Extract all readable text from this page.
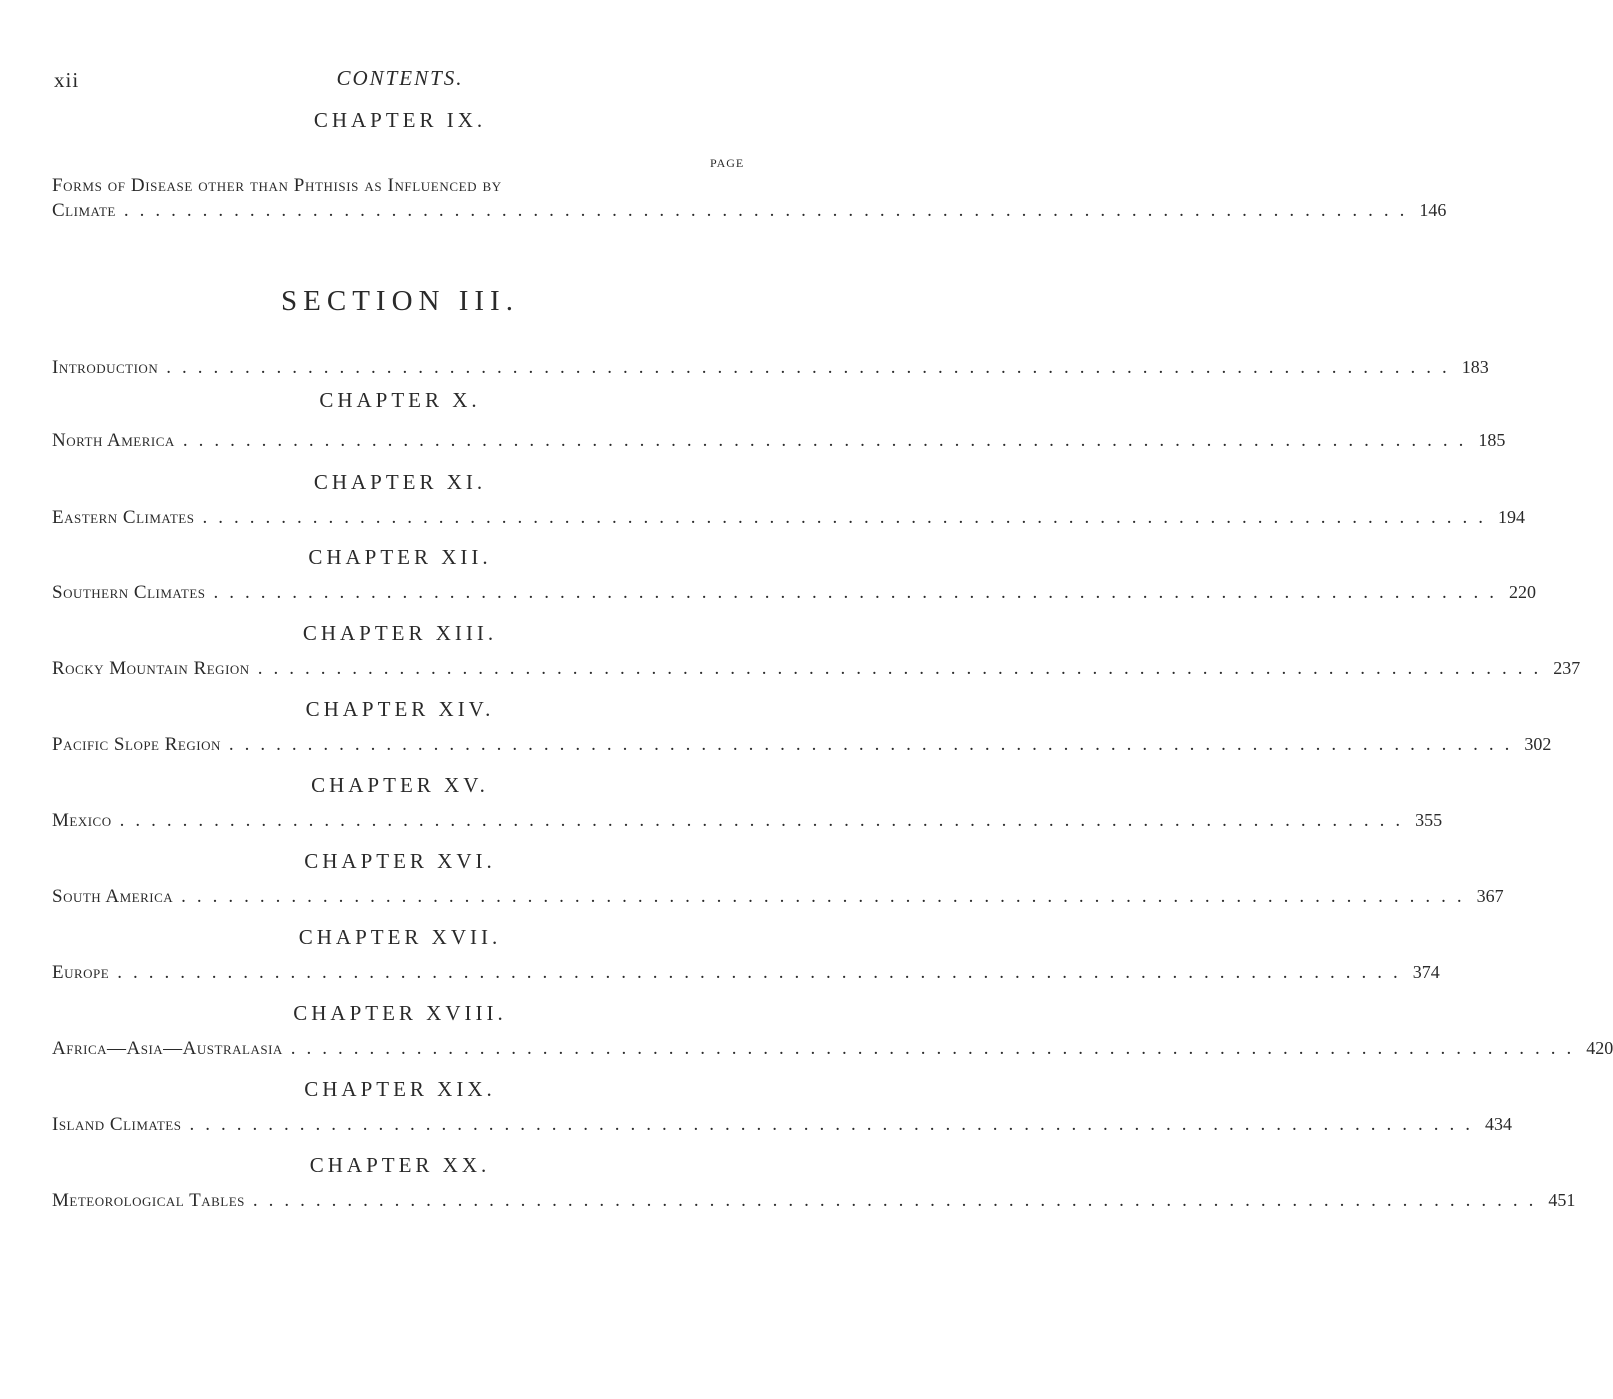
xii	CONTENTS.
CHAPTER IX.
PAGE
Forms of Disease other than Phthisis as Influenced by
Climate .................................................................................. 146
SECTION III.
Introduction .................................................................................. 183
CHAPTER X.
North America .................................................................................. 185
CHAPTER XI.
Eastern Climates .................................................................................. 194
CHAPTER XII.
Southern Climates .................................................................................. 220
CHAPTER XIII.
Rocky Mountain Region .................................................................................. 237
CHAPTER XIV.
Pacific Slope Region .................................................................................. 302
CHAPTER XV.
Mexico .................................................................................. 355
CHAPTER XVI.
South America .................................................................................. 367
CHAPTER XVII.
Europe .................................................................................. 374
CHAPTER XVIII.
Africa—Asia—Australasia .................................................................................. 420
CHAPTER XIX.
Island Climates .................................................................................. 434
CHAPTER XX.
Meteorological Tables .................................................................................. 451
